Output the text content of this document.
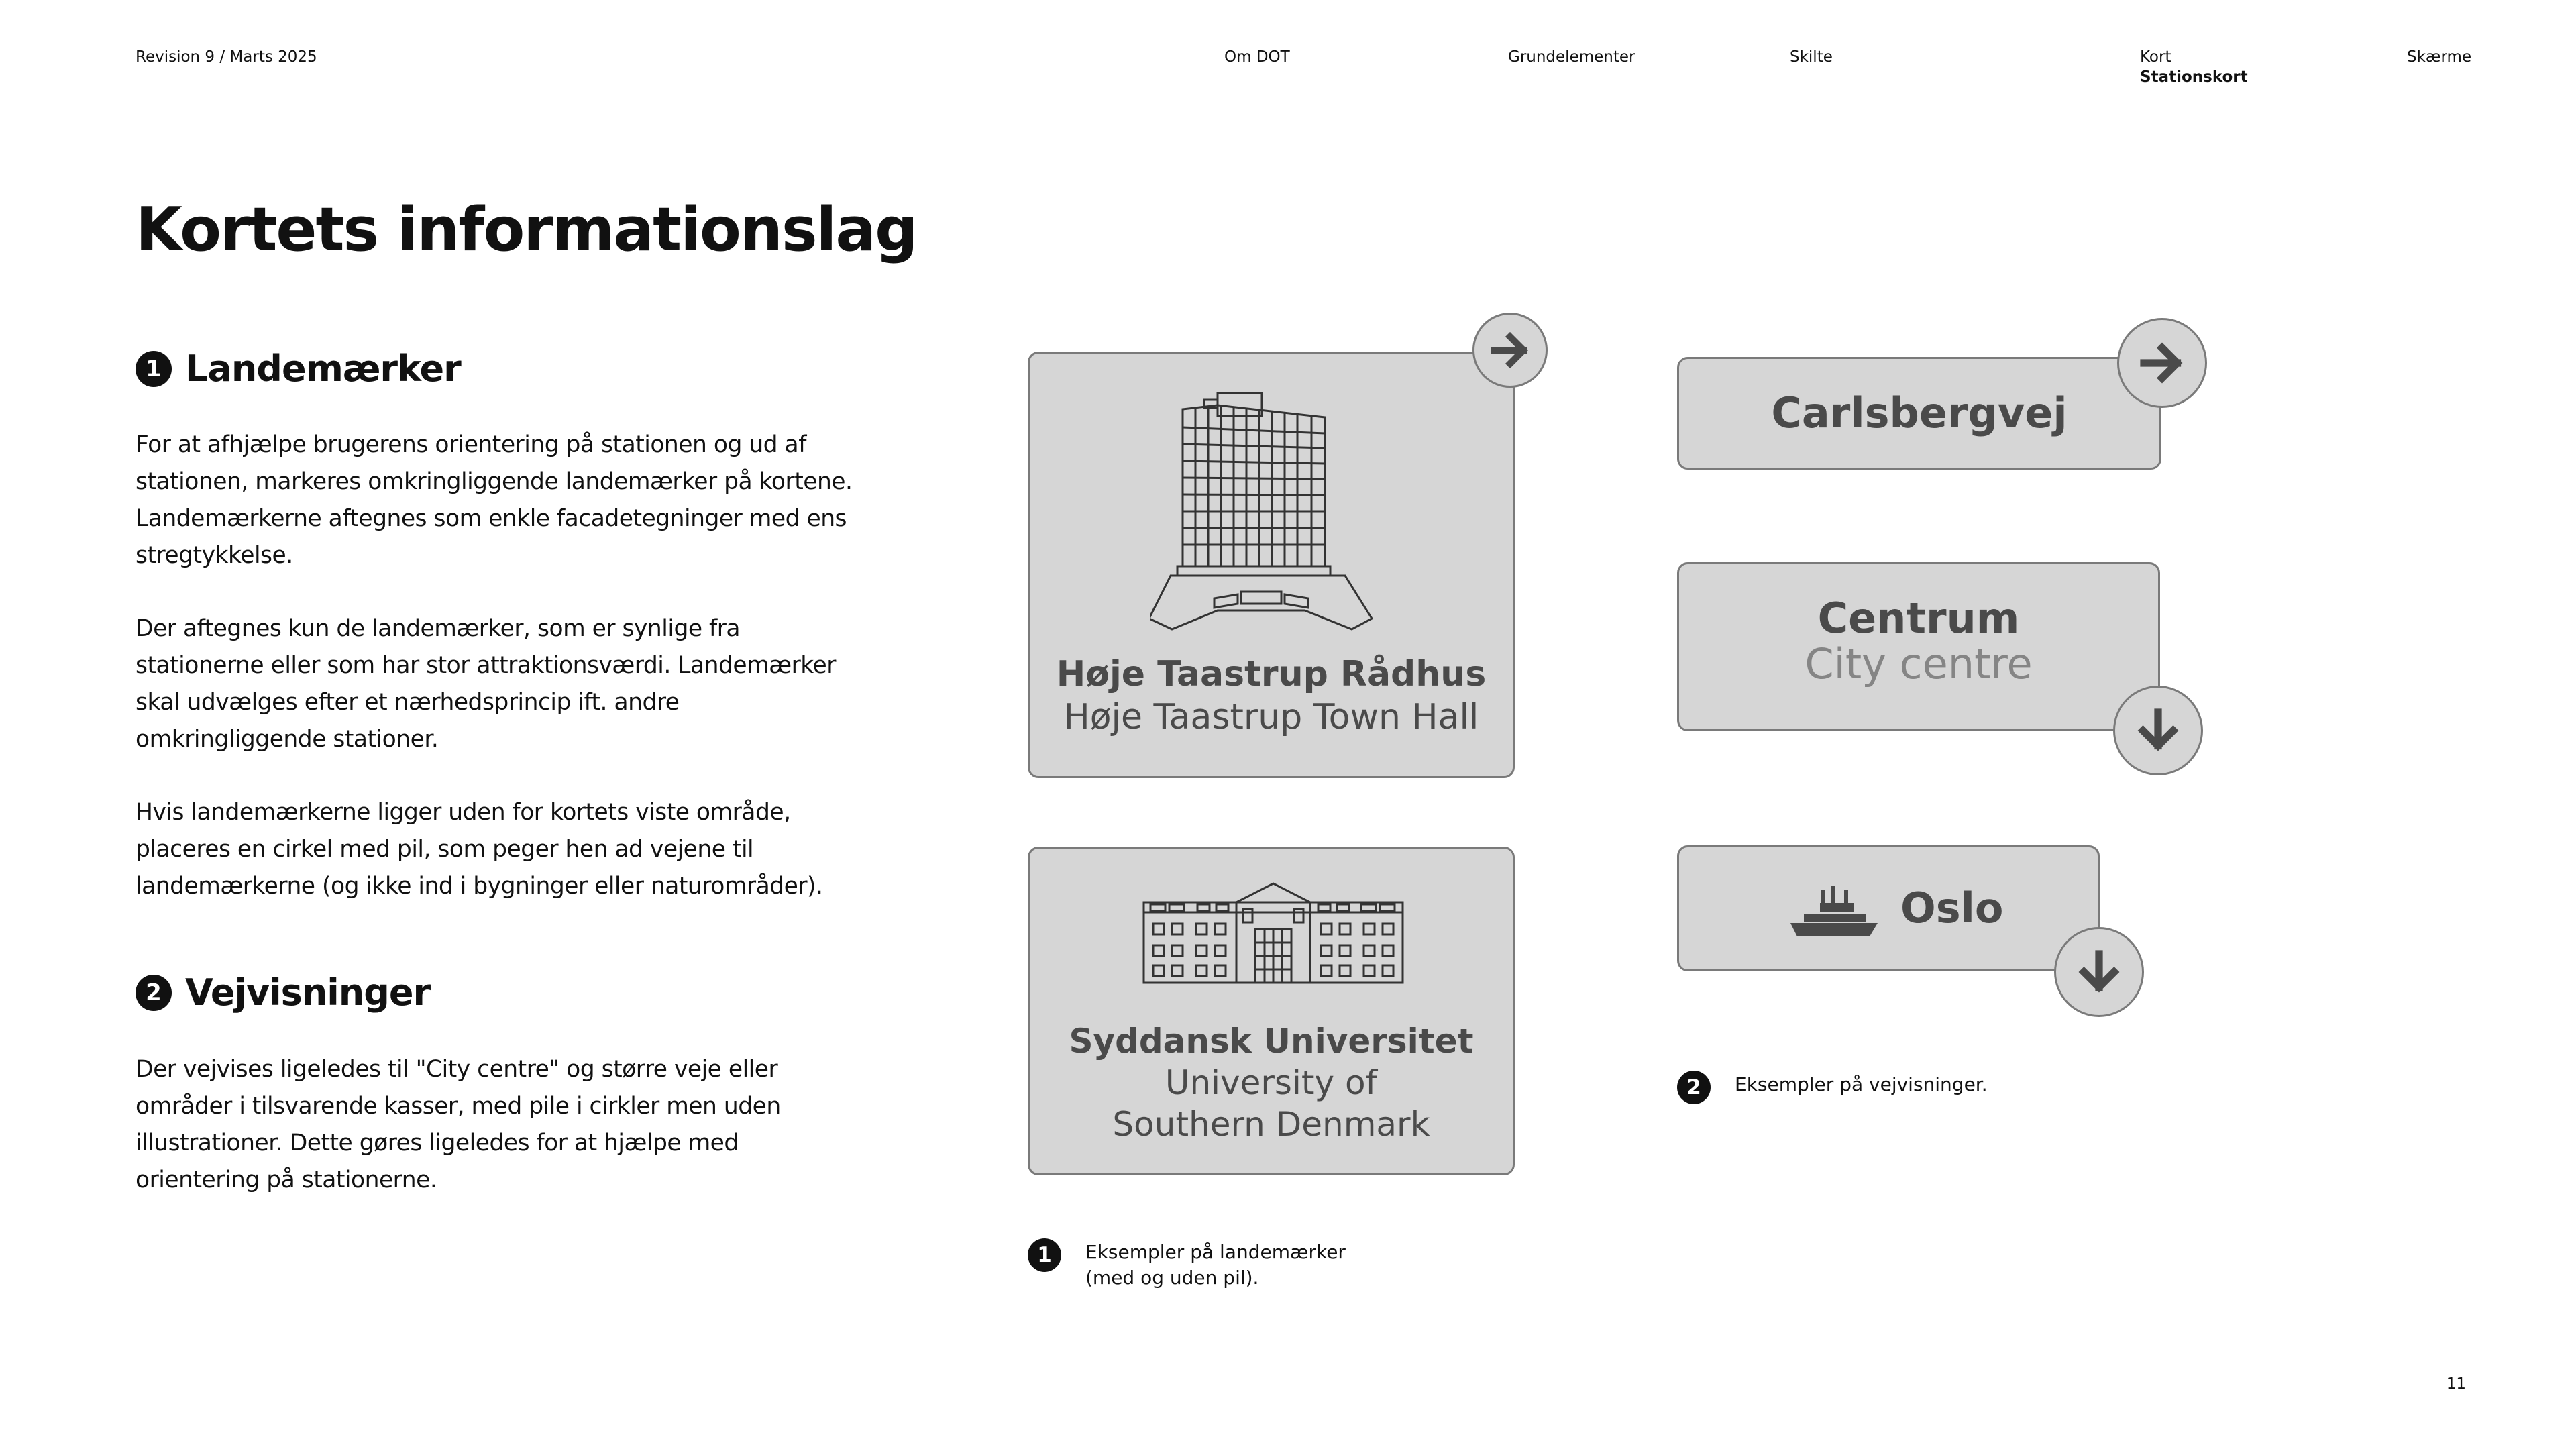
Revision 9 / Marts 2025	Om DOT	Grundelementer	Skilte	Kort
Stationskort
Skærme
Kortets informationslag
1 Landemærker

For at afhjælpe brugerens orientering på stationen og ud af stationen, markeres omkringliggende landemærker på kortene. Landemærkerne aftegnes som enkle facadetegninger med ens stregtykkelse.

Der aftegnes kun de landemærker, som er synlige fra stationerne eller som har stor attraktionsværdi. Landemærker skal udvælges efter et nærhedsprincip ift. andre omkringliggende stationer.

Hvis landemærkerne ligger uden for kortets viste område, placeres en cirkel med pil, som peger hen ad vejene til landemærkerne (og ikke ind i bygninger eller naturområder).

2 Vejvisninger

Der vejvises ligeledes til "City centre" og større veje eller områder i tilsvarende kasser, med pile i cirkler men uden illustrationer. Dette gøres ligeledes for at hjælpe med orientering på stationerne.

Høje Taastrup Rådhus
Høje Taastrup Town Hall
Syddansk Universitet
University of
Southern Denmark
1	Eksempler på landemærker
(med og uden pil).
Carlsbergvej
Centrum
City centre
Oslo
2	Eksempler på vejvisninger.
11
